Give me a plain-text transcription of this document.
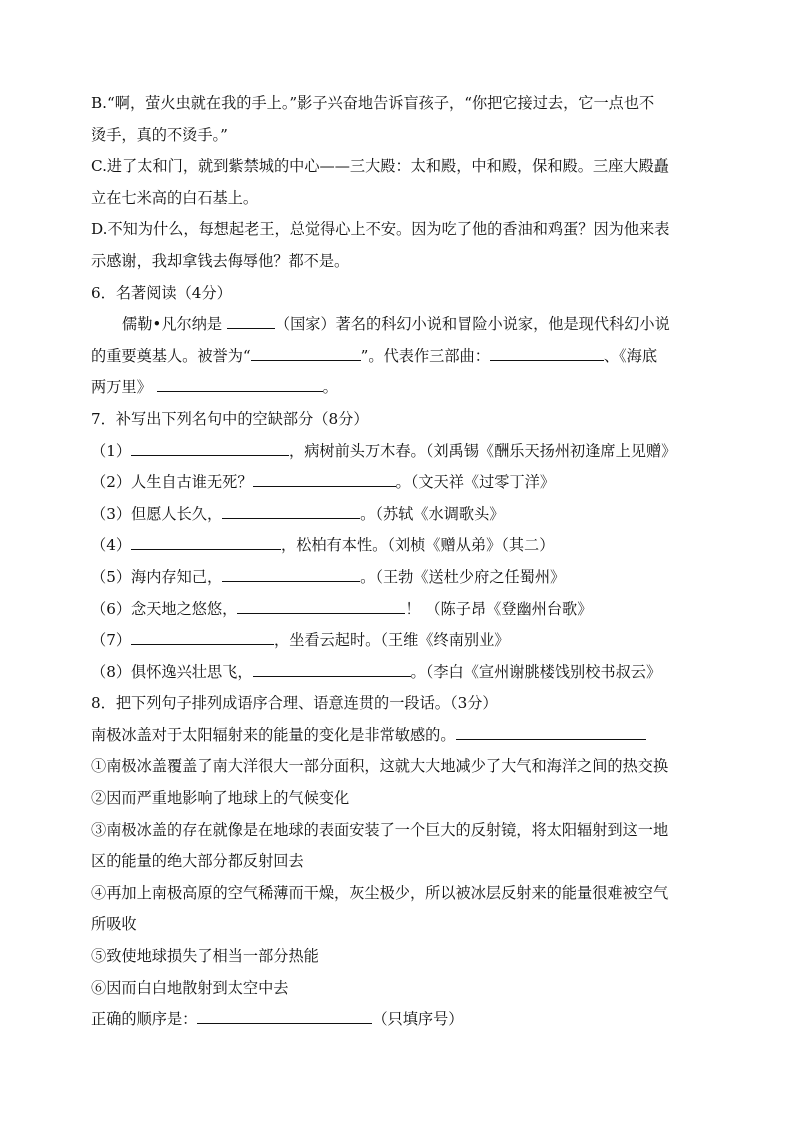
B.“啊，萤火虫就在我的手上。”影子兴奋地告诉盲孩子，“你把它接过去，它一点也不
烫手，真的不烫手。”
C.进了太和门，就到紫禁城的中心——三大殿：太和殿，中和殿，保和殿。三座大殿矗
立在七米高的白石基上。
D.不知为什么，每想起老王，总觉得心上不安。因为吃了他的香油和鸡蛋？因为他来表
示感谢，我却拿钱去侮辱他？都不是。
6．名著阅读（4分）
儒勒•凡尔纳是	（国家）著名的科幻小说和冒险小说家，他是现代科幻小说
的重要奠基人。被誉为“	”。代表作三部曲：	、《海底
两万里》	。
7．补写出下列名句中的空缺部分（8分）
（1）	，病树前头万木春。（刘禹锡《酬乐天扬州初逢席上见赠》
（2）人生自古谁无死？	。（文天祥《过零丁洋》
（3）但愿人长久，	。（苏轼《水调歌头》
（4）	，松柏有本性。（刘桢《赠从弟》（其二）
（5）海内存知己，	。（王勃《送杜少府之任蜀州》
（6）念天地之悠悠，	！ （陈子昂《登幽州台歌》
（7）	，坐看云起时。（王维《终南别业》
（8）俱怀逸兴壮思飞，	。（李白《宣州谢朓楼饯别校书叔云》
8．把下列句子排列成语序合理、语意连贯的一段话。（3分）
南极冰盖对于太阳辐射来的能量的变化是非常敏感的。
①南极冰盖覆盖了南大洋很大一部分面积，这就大大地减少了大气和海洋之间的热交换
②因而严重地影响了地球上的气候变化
③南极冰盖的存在就像是在地球的表面安装了一个巨大的反射镜，将太阳辐射到这一地
区的能量的绝大部分都反射回去
④再加上南极高原的空气稀薄而干燥，灰尘极少，所以被冰层反射来的能量很难被空气
所吸收
⑤致使地球损失了相当一部分热能
⑥因而白白地散射到太空中去
正确的顺序是：	（只填序号）
